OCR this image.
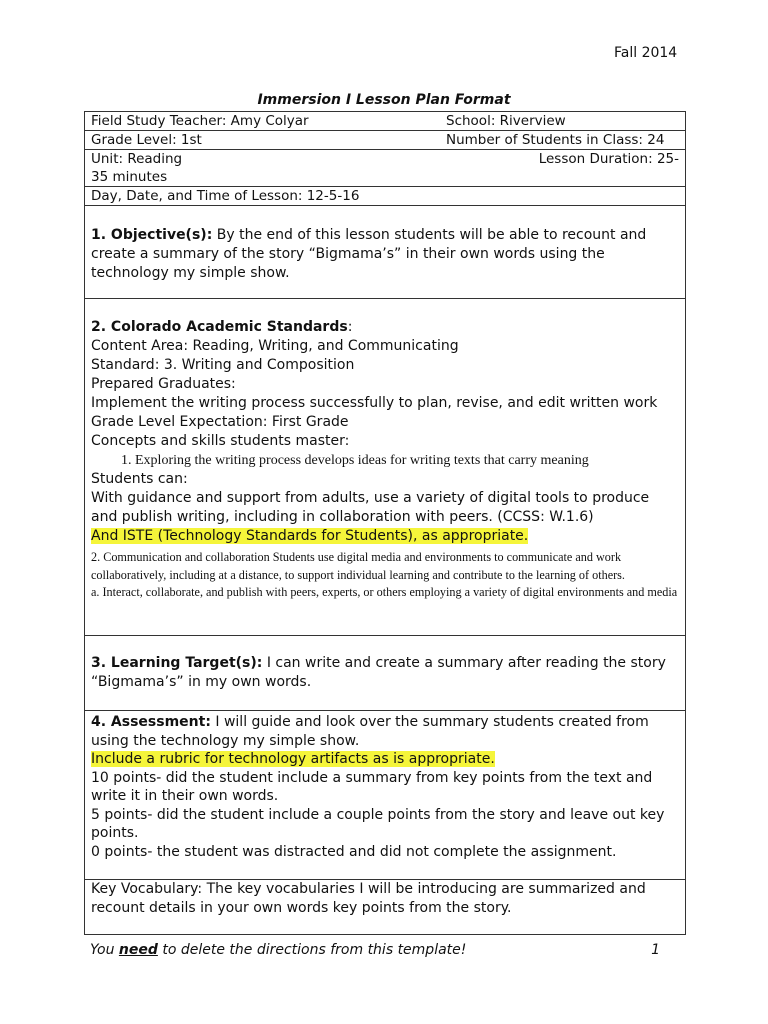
Fall 2014
Immersion I Lesson Plan Format
Field Study Teacher: Amy Colyar	School: Riverview
Grade Level: 1st	Number of Students in Class: 24
Unit: Reading	Lesson Duration: 25-
35 minutes
Day, Date, and Time of Lesson: 12-5-16

1. Objective(s): By the end of this lesson students will be able to recount and create a summary of the story “Bigmama’s” in their own words using the technology my simple show.

2. Colorado Academic Standards:
Content Area: Reading, Writing, and Communicating
Standard: 3. Writing and Composition
Prepared Graduates:
Implement the writing process successfully to plan, revise, and edit written work
Grade Level Expectation: First Grade
Concepts and skills students master:
1. Exploring the writing process develops ideas for writing texts that carry meaning
Students can:
With guidance and support from adults, use a variety of digital tools to produce and publish writing, including in collaboration with peers. (CCSS: W.1.6)
And ISTE (Technology Standards for Students), as appropriate.
2. Communication and collaboration Students use digital media and environments to communicate and work collaboratively, including at a distance, to support individual learning and contribute to the learning of others.
a. Interact, collaborate, and publish with peers, experts, or others employing a variety of digital environments and media

3. Learning Target(s): I can write and create a summary after reading the story “Bigmama’s” in my own words.

4. Assessment: I will guide and look over the summary students created from using the technology my simple show.

Include a rubric for technology artifacts as is appropriate.
10 points- did the student include a summary from key points from the text and write it in their own words.
5 points- did the student include a couple points from the story and leave out key points.
0 points- the student was distracted and did not complete the assignment.
Key Vocabulary: The key vocabularies I will be introducing are summarized and recount details in your own words key points from the story.
You need to delete the directions from this template!	1
